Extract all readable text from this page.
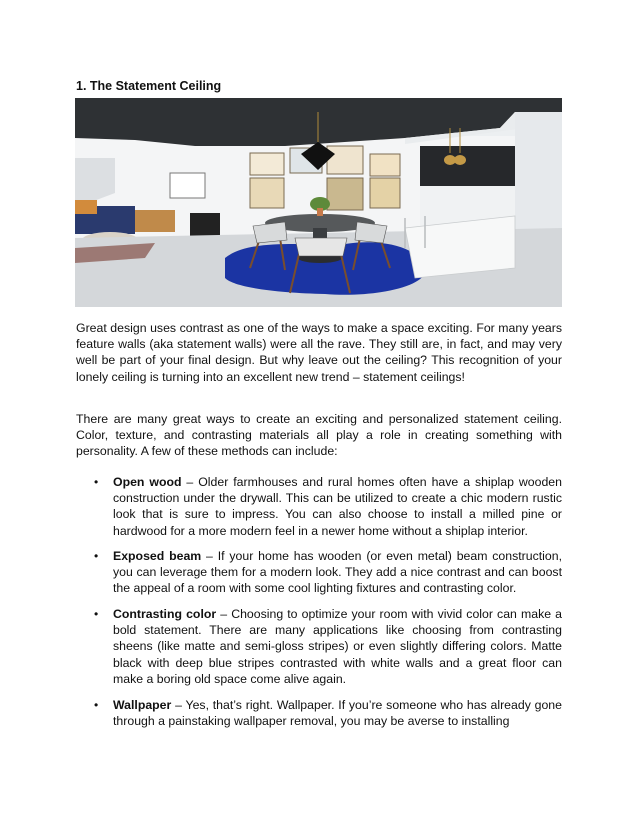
1. The Statement Ceiling

Great design uses contrast as one of the ways to make a space exciting. For many years feature walls (aka statement walls) were all the rave. They still are, in fact, and may very well be part of your final design. But why leave out the ceiling? This recognition of your lonely ceiling is turning into an excellent new trend – statement ceilings!

There are many great ways to create an exciting and personalized statement ceiling. Color, texture, and contrasting materials all play a role in creating something with personality. A few of these methods can include:

• Open wood – Older farmhouses and rural homes often have a shiplap wooden construction under the drywall. This can be utilized to create a chic modern rustic look that is sure to impress. You can also choose to install a milled pine or hardwood for a more modern feel in a newer home without a shiplap interior.

• Exposed beam – If your home has wooden (or even metal) beam construction, you can leverage them for a modern look. They add a nice contrast and can boost the appeal of a room with some cool lighting fixtures and contrasting color.

• Contrasting color – Choosing to optimize your room with vivid color can make a bold statement. There are many applications like choosing from contrasting sheens (like matte and semi-gloss stripes) or even slightly differing colors. Matte black with deep blue stripes contrasted with white walls and a great floor can make a boring old space come alive again.

• Wallpaper – Yes, that’s right. Wallpaper. If you’re someone who has already gone through a painstaking wallpaper removal, you may be averse to installing
